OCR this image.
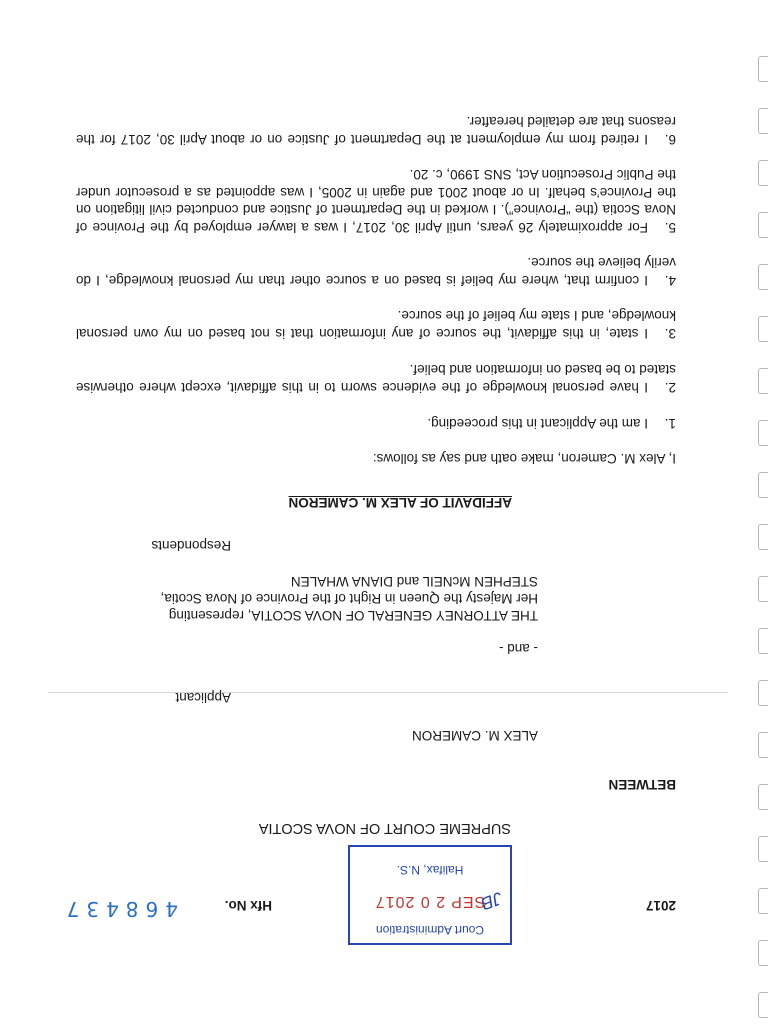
2017
Hfx No.
468437
Court Administration
SEP 2 0 2017
JB
Halifax, N.S.
SUPREME COURT OF NOVA SCOTIA
BETWEEN
ALEX M. CAMERON
Applicant
- and -
THE ATTORNEY GENERAL OF NOVA SCOTIA, representing
Her Majesty the Queen in Right of the Province of Nova Scotia,
STEPHEN McNEIL and DIANA WHALEN
Respondents
AFFIDAVIT OF ALEX M. CAMERON
I, Alex M. Cameron, make oath and say as follows:
1.I am the Applicant in this proceeding.
2.I have personal knowledge of the evidence sworn to in this affidavit, except where otherwise stated to be based on information and belief.
3.I state, in this affidavit, the source of any information that is not based on my own personal knowledge, and I state my belief of the source.
4.I confirm that, where my belief is based on a source other than my personal knowledge, I do verily believe the source.
5.For approximately 26 years, until April 30, 2017, I was a lawyer employed by the Province of Nova Scotia (the “Province”). I worked in the Department of Justice and conducted civil litigation on the Province’s behalf. In or about 2001 and again in 2005, I was appointed as a prosecutor under the Public Prosecution Act, SNS 1990, c. 20.
6.I retired from my employment at the Department of Justice on or about April 30, 2017 for the reasons that are detailed hereafter.
